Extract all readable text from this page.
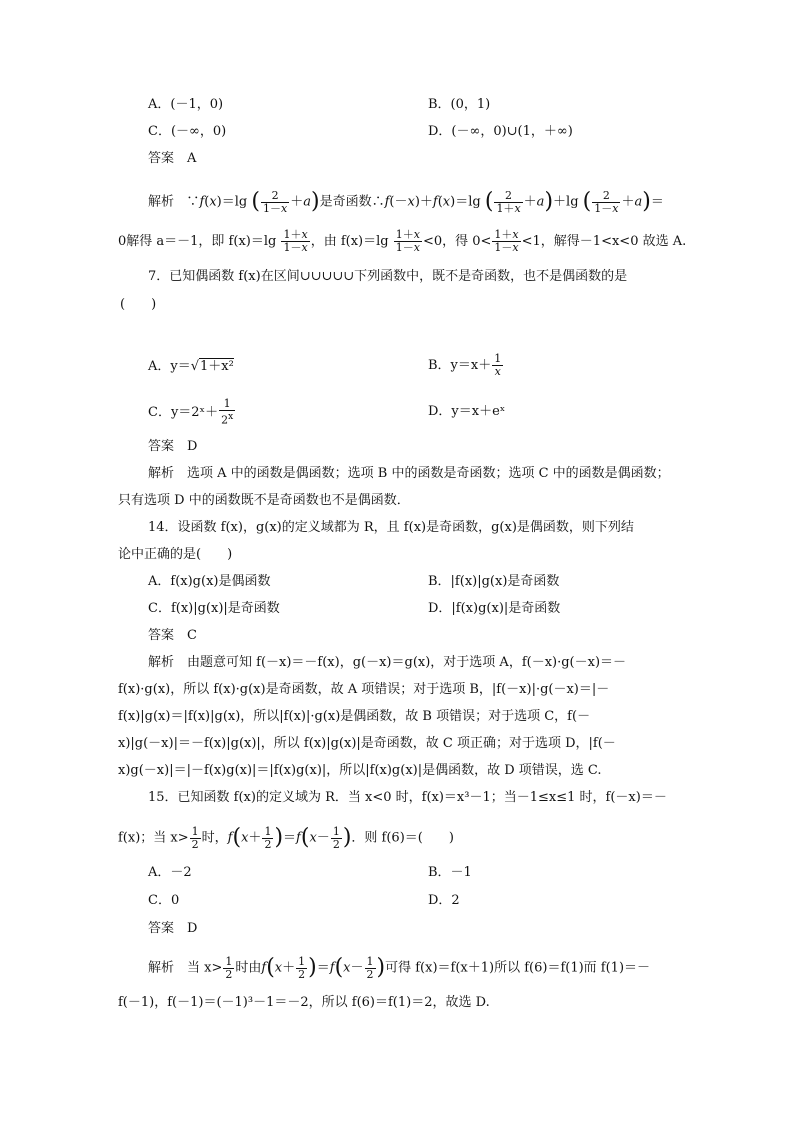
A．(－1，0)	B．(0，1)
C．(－∞，0)	D．(－∞，0)∪(1，＋∞)
答案　A
解析 ∵f(x)＝lg ( $\frac{2}{1-x} +a$)是奇函数∴f(－x)＋f(x)＝lg ( $\frac{2}{1+x} +a)+\lg$ ( $\frac{2}{1-x} +a)=$
0解得 a＝－1，即 $f(x)=\lg \frac{1+x}{1-x}$ ，由 $f(x)=\lg \frac{1+x}{1-x} <0$，得 $0< \frac{1+x}{1-x} <1$，解得－1<x<0 故选 A.
7．已知偶函数 f(x)在区间∪∪∪∪∪下列函数中，既不是奇函数，也不是偶函数的是
(　　)
A．y＝√1＋x²	B．$y=x+ \frac{1}{x}$
C．y＝2ˣ＋ $\frac{1}{2^x}$	D．y＝x＋eˣ
答案　D
解析　选项 A 中的函数是偶函数；选项 B 中的函数是奇函数；选项 C 中的函数是偶函数；
只有选项 D 中的函数既不是奇函数也不是偶函数．
14．设函数 f(x)，g(x)的定义域都为 R，且 f(x)是奇函数，g(x)是偶函数，则下列结
论中正确的是(　　)
A．f(x)g(x)是偶函数	B．|f(x)|g(x)是奇函数
C．f(x)|g(x)|是奇函数	D．|f(x)g(x)|是奇函数
答案　C
解析　由题意可知 f(－x)＝－f(x)，g(－x)＝g(x)，对于选项 A，f(－x)·g(－x)＝－
f(x)·g(x)，所以 f(x)·g(x)是奇函数，故 A 项错误；对于选项 B，|f(－x)|·g(－x)＝|－
f(x)|g(x)＝|f(x)|g(x)，所以|f(x)|·g(x)是偶函数，故 B 项错误；对于选项 C，f(－
x)|g(－x)|＝－f(x)|g(x)|，所以 f(x)|g(x)|是奇函数，故 C 项正确；对于选项 D，|f(－
x)g(－x)|＝|－f(x)g(x)|＝|f(x)g(x)|，所以|f(x)g(x)|是偶函数，故 D 项错误，选 C.
15．已知函数 f(x)的定义域为 R．当 x<0 时，f(x)＝x³－1；当－1≤x≤1 时，f(－x)＝－
f(x)；当 $x> \frac{1}{2}$ 时，$f(x+ \frac{1}{2} )=f(x- \frac{1}{2}$ )．则 f(6)＝(　　)
A．－2	B．－1
C．0	D．2
答案　D
解析　当 $x> \frac{1}{2}$ 时由$f(x+ \frac{1}{2} )=f(x- \frac{1}{2}$ )可得 f(x)＝f(x＋1)所以 f(6)＝f(1)而 f(1)＝－
f(－1)，f(－1)＝(－1)³－1＝－2，所以 f(6)＝f(1)＝2，故选 D.
